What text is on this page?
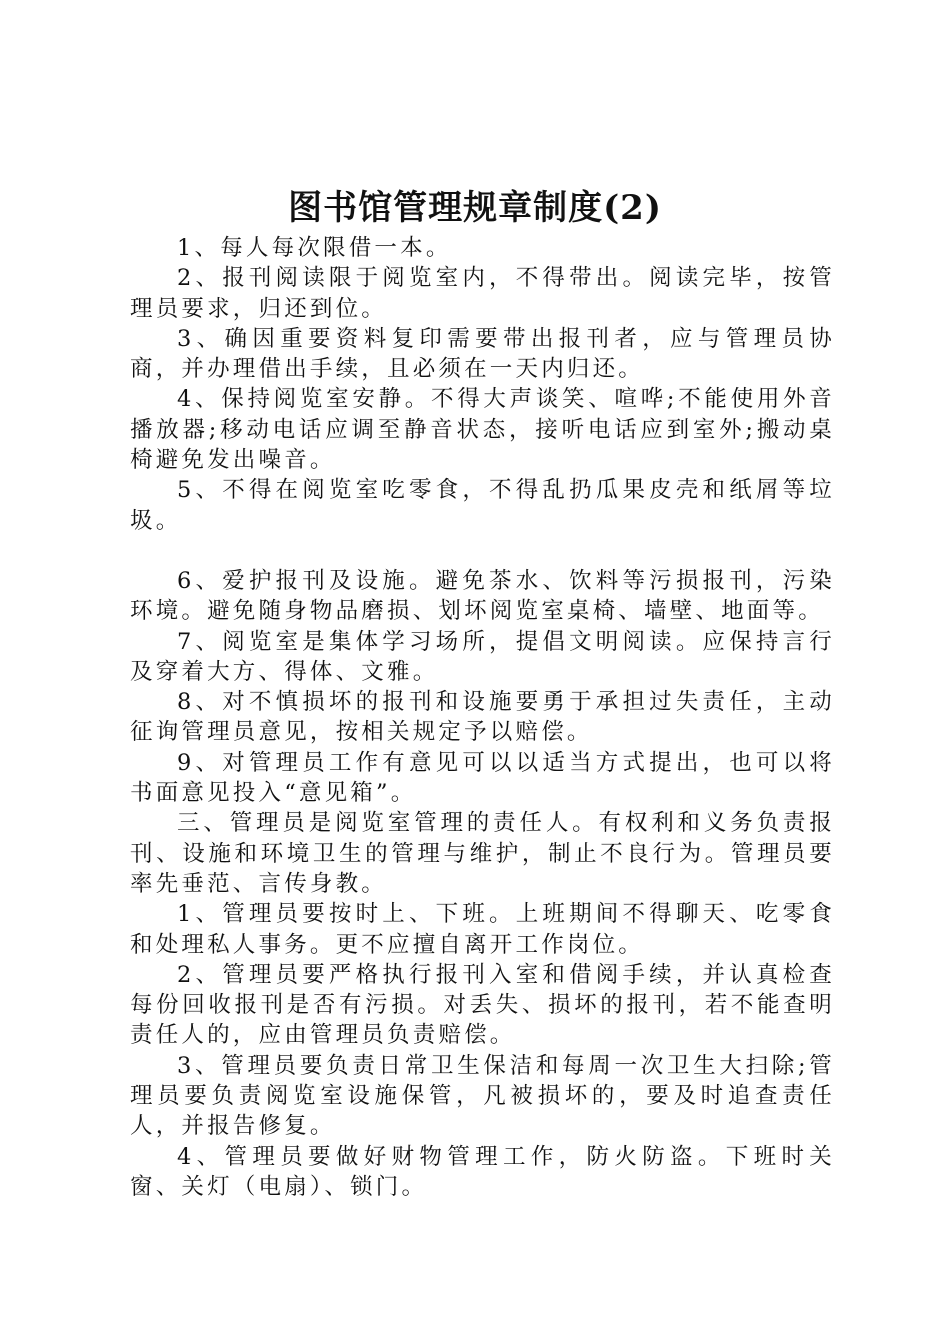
图书馆管理规章制度(2)

1、每人每次限借一本。

2、报刊阅读限于阅览室内，不得带出。阅读完毕，按管理员要求，归还到位。

3、确因重要资料复印需要带出报刊者，应与管理员协商，并办理借出手续，且必须在一天内归还。

4、保持阅览室安静。不得大声谈笑、喧哗;不能使用外音播放器;移动电话应调至静音状态，接听电话应到室外;搬动桌椅避免发出噪音。

5、不得在阅览室吃零食，不得乱扔瓜果皮壳和纸屑等垃圾。

6、爱护报刊及设施。避免茶水、饮料等污损报刊，污染环境。避免随身物品磨损、划坏阅览室桌椅、墙壁、地面等。

7、阅览室是集体学习场所，提倡文明阅读。应保持言行及穿着大方、得体、文雅。

8、对不慎损坏的报刊和设施要勇于承担过失责任，主动征询管理员意见，按相关规定予以赔偿。

9、对管理员工作有意见可以以适当方式提出，也可以将书面意见投入“意见箱”。

三、管理员是阅览室管理的责任人。有权利和义务负责报刊、设施和环境卫生的管理与维护，制止不良行为。管理员要率先垂范、言传身教。

1、管理员要按时上、下班。上班期间不得聊天、吃零食和处理私人事务。更不应擅自离开工作岗位。

2、管理员要严格执行报刊入室和借阅手续，并认真检查每份回收报刊是否有污损。对丢失、损坏的报刊，若不能查明责任人的，应由管理员负责赔偿。

3、管理员要负责日常卫生保洁和每周一次卫生大扫除;管理员要负责阅览室设施保管，凡被损坏的，要及时追查责任人，并报告修复。

4、管理员要做好财物管理工作，防火防盗。下班时关窗、关灯（电扇）、锁门。
